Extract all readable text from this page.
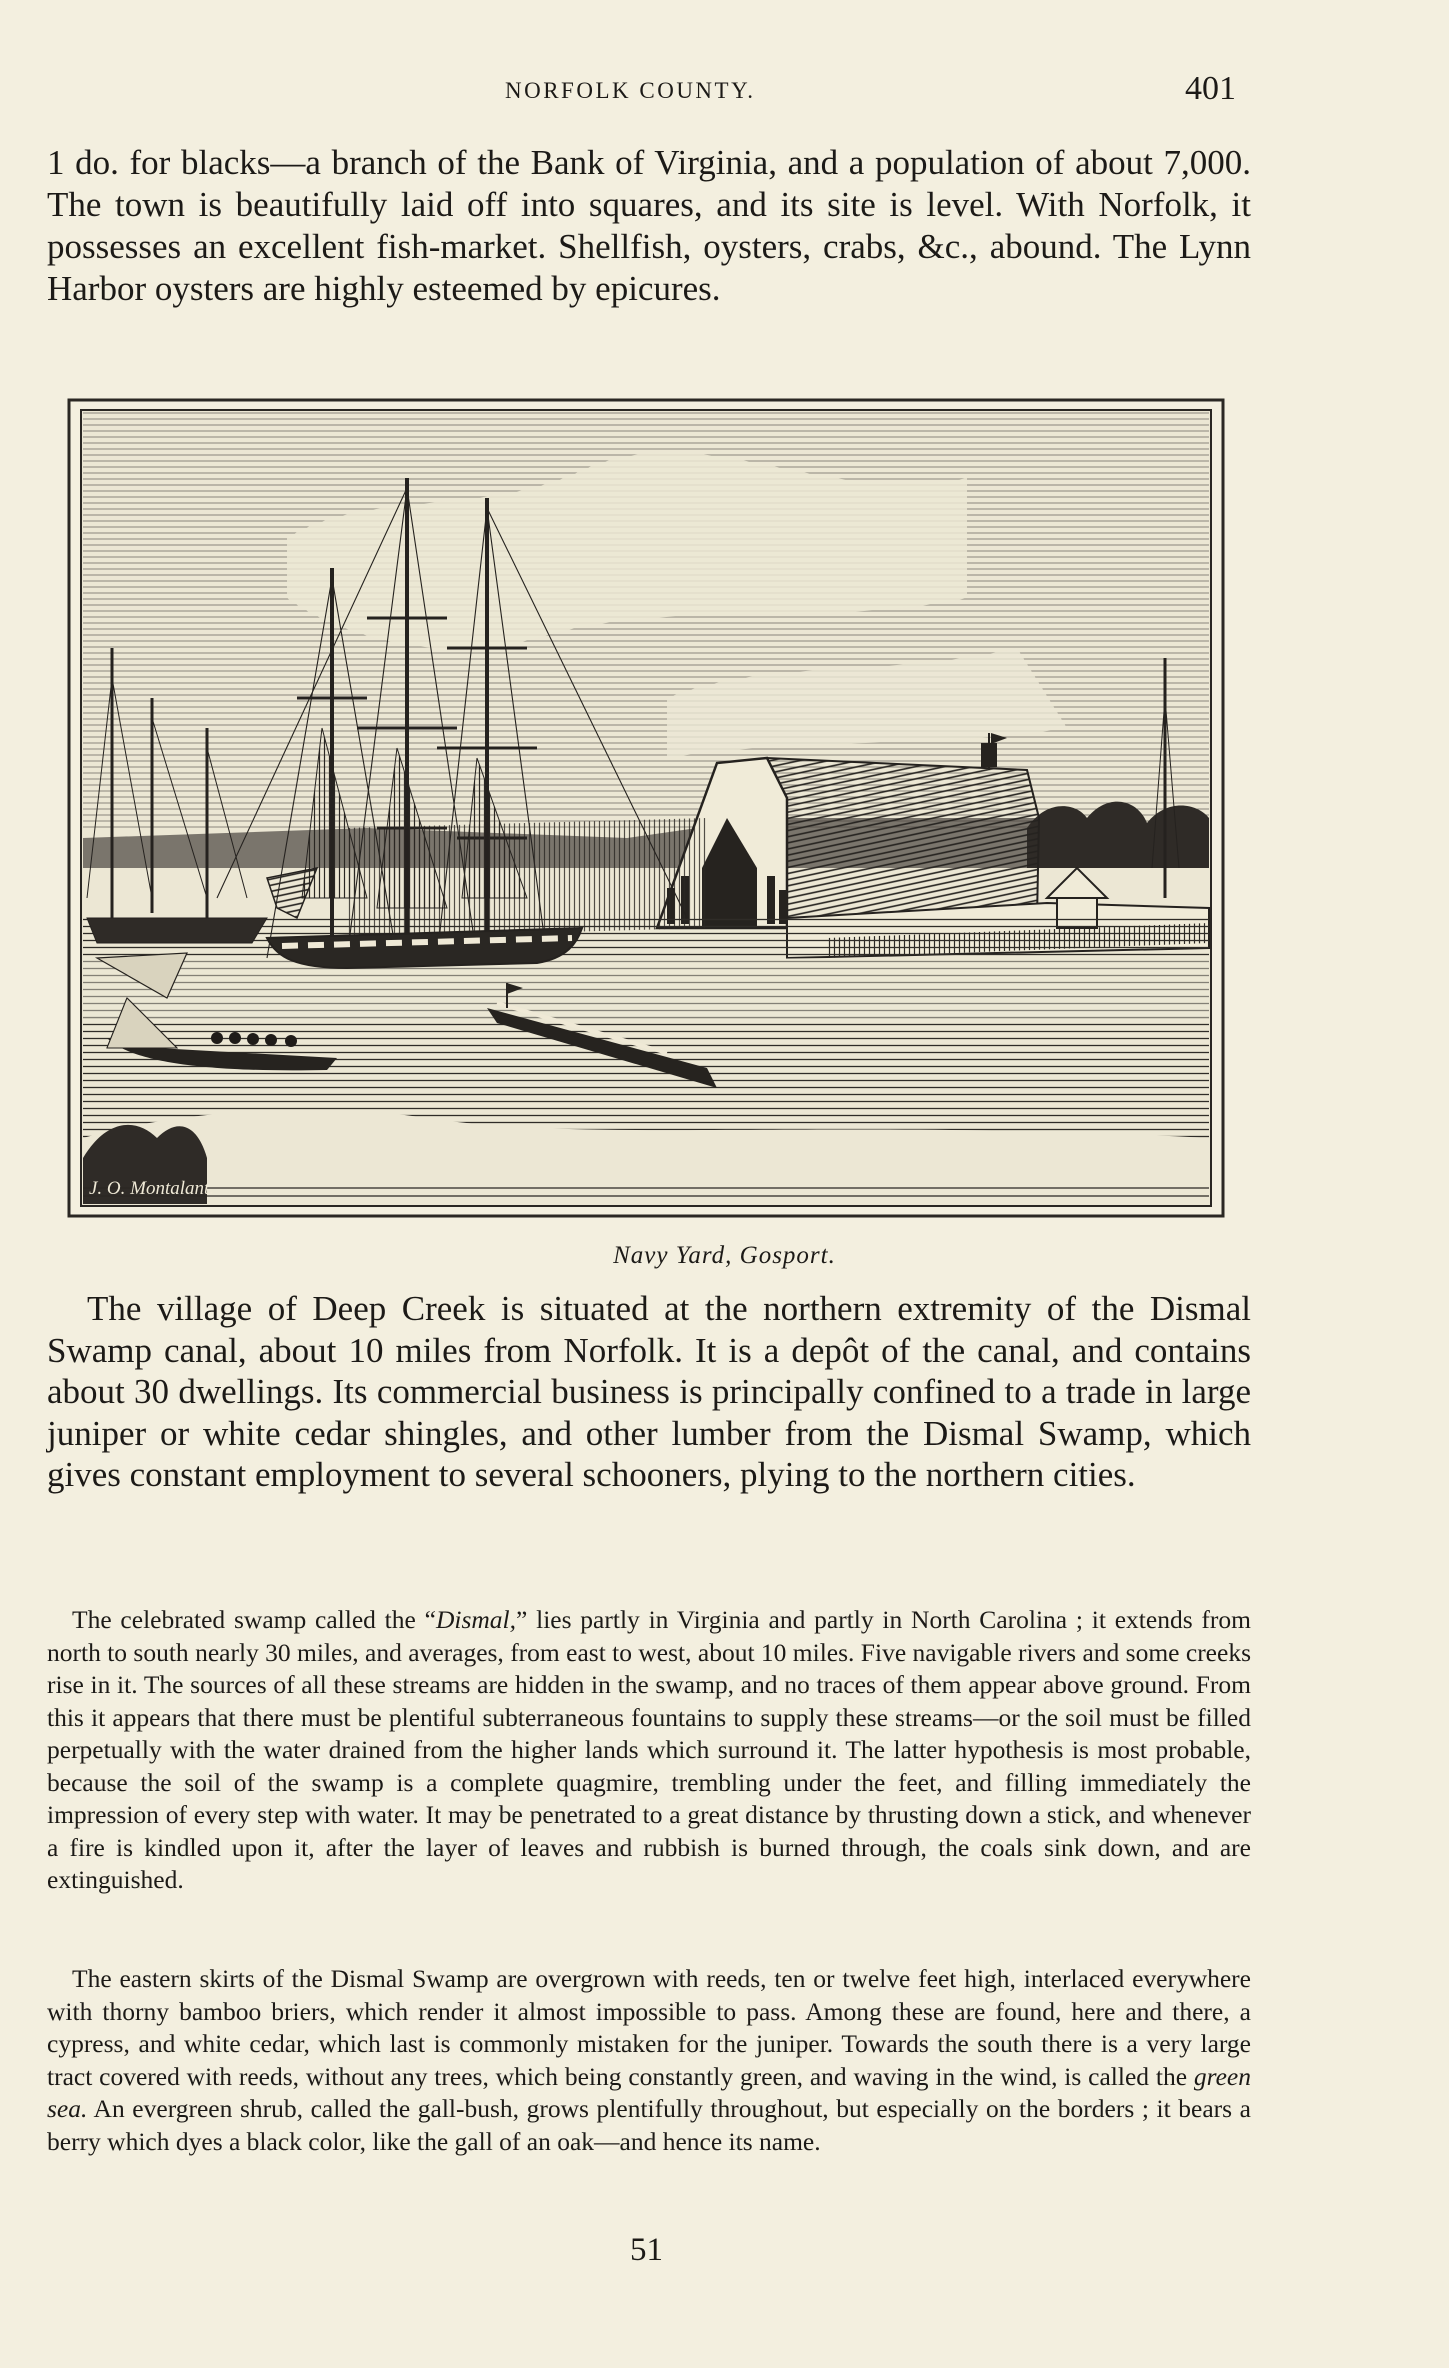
NORFOLK COUNTY.	401

1 do. for blacks—a branch of the Bank of Virginia, and a population of about 7,000. The town is beautifully laid off into squares, and its site is level. With Norfolk, it possesses an excellent fish-market. Shellfish, oysters, crabs, &c., abound. The Lynn Harbor oysters are highly esteemed by epicures.

J. O. Montalant.
Navy Yard, Gosport.

The village of Deep Creek is situated at the northern extremity of the Dismal Swamp canal, about 10 miles from Norfolk. It is a depôt of the canal, and contains about 30 dwellings. Its commercial business is principally confined to a trade in large juniper or white cedar shingles, and other lumber from the Dismal Swamp, which gives constant employment to several schooners, plying to the northern cities.

The celebrated swamp called the “Dismal,” lies partly in Virginia and partly in North Carolina ; it extends from north to south nearly 30 miles, and averages, from east to west, about 10 miles. Five navigable rivers and some creeks rise in it. The sources of all these streams are hidden in the swamp, and no traces of them appear above ground. From this it appears that there must be plentiful subterraneous fountains to supply these streams—or the soil must be filled perpetually with the water drained from the higher lands which surround it. The latter hypothesis is most probable, because the soil of the swamp is a complete quagmire, trembling under the feet, and filling immediately the impression of every step with water. It may be penetrated to a great distance by thrusting down a stick, and whenever a fire is kindled upon it, after the layer of leaves and rubbish is burned through, the coals sink down, and are extinguished.

The eastern skirts of the Dismal Swamp are overgrown with reeds, ten or twelve feet high, interlaced everywhere with thorny bamboo briers, which render it almost impossible to pass. Among these are found, here and there, a cypress, and white cedar, which last is commonly mistaken for the juniper. Towards the south there is a very large tract covered with reeds, without any trees, which being constantly green, and waving in the wind, is called the green sea. An evergreen shrub, called the gall-bush, grows plentifully throughout, but especially on the borders ; it bears a berry which dyes a black color, like the gall of an oak—and hence its name.

51
